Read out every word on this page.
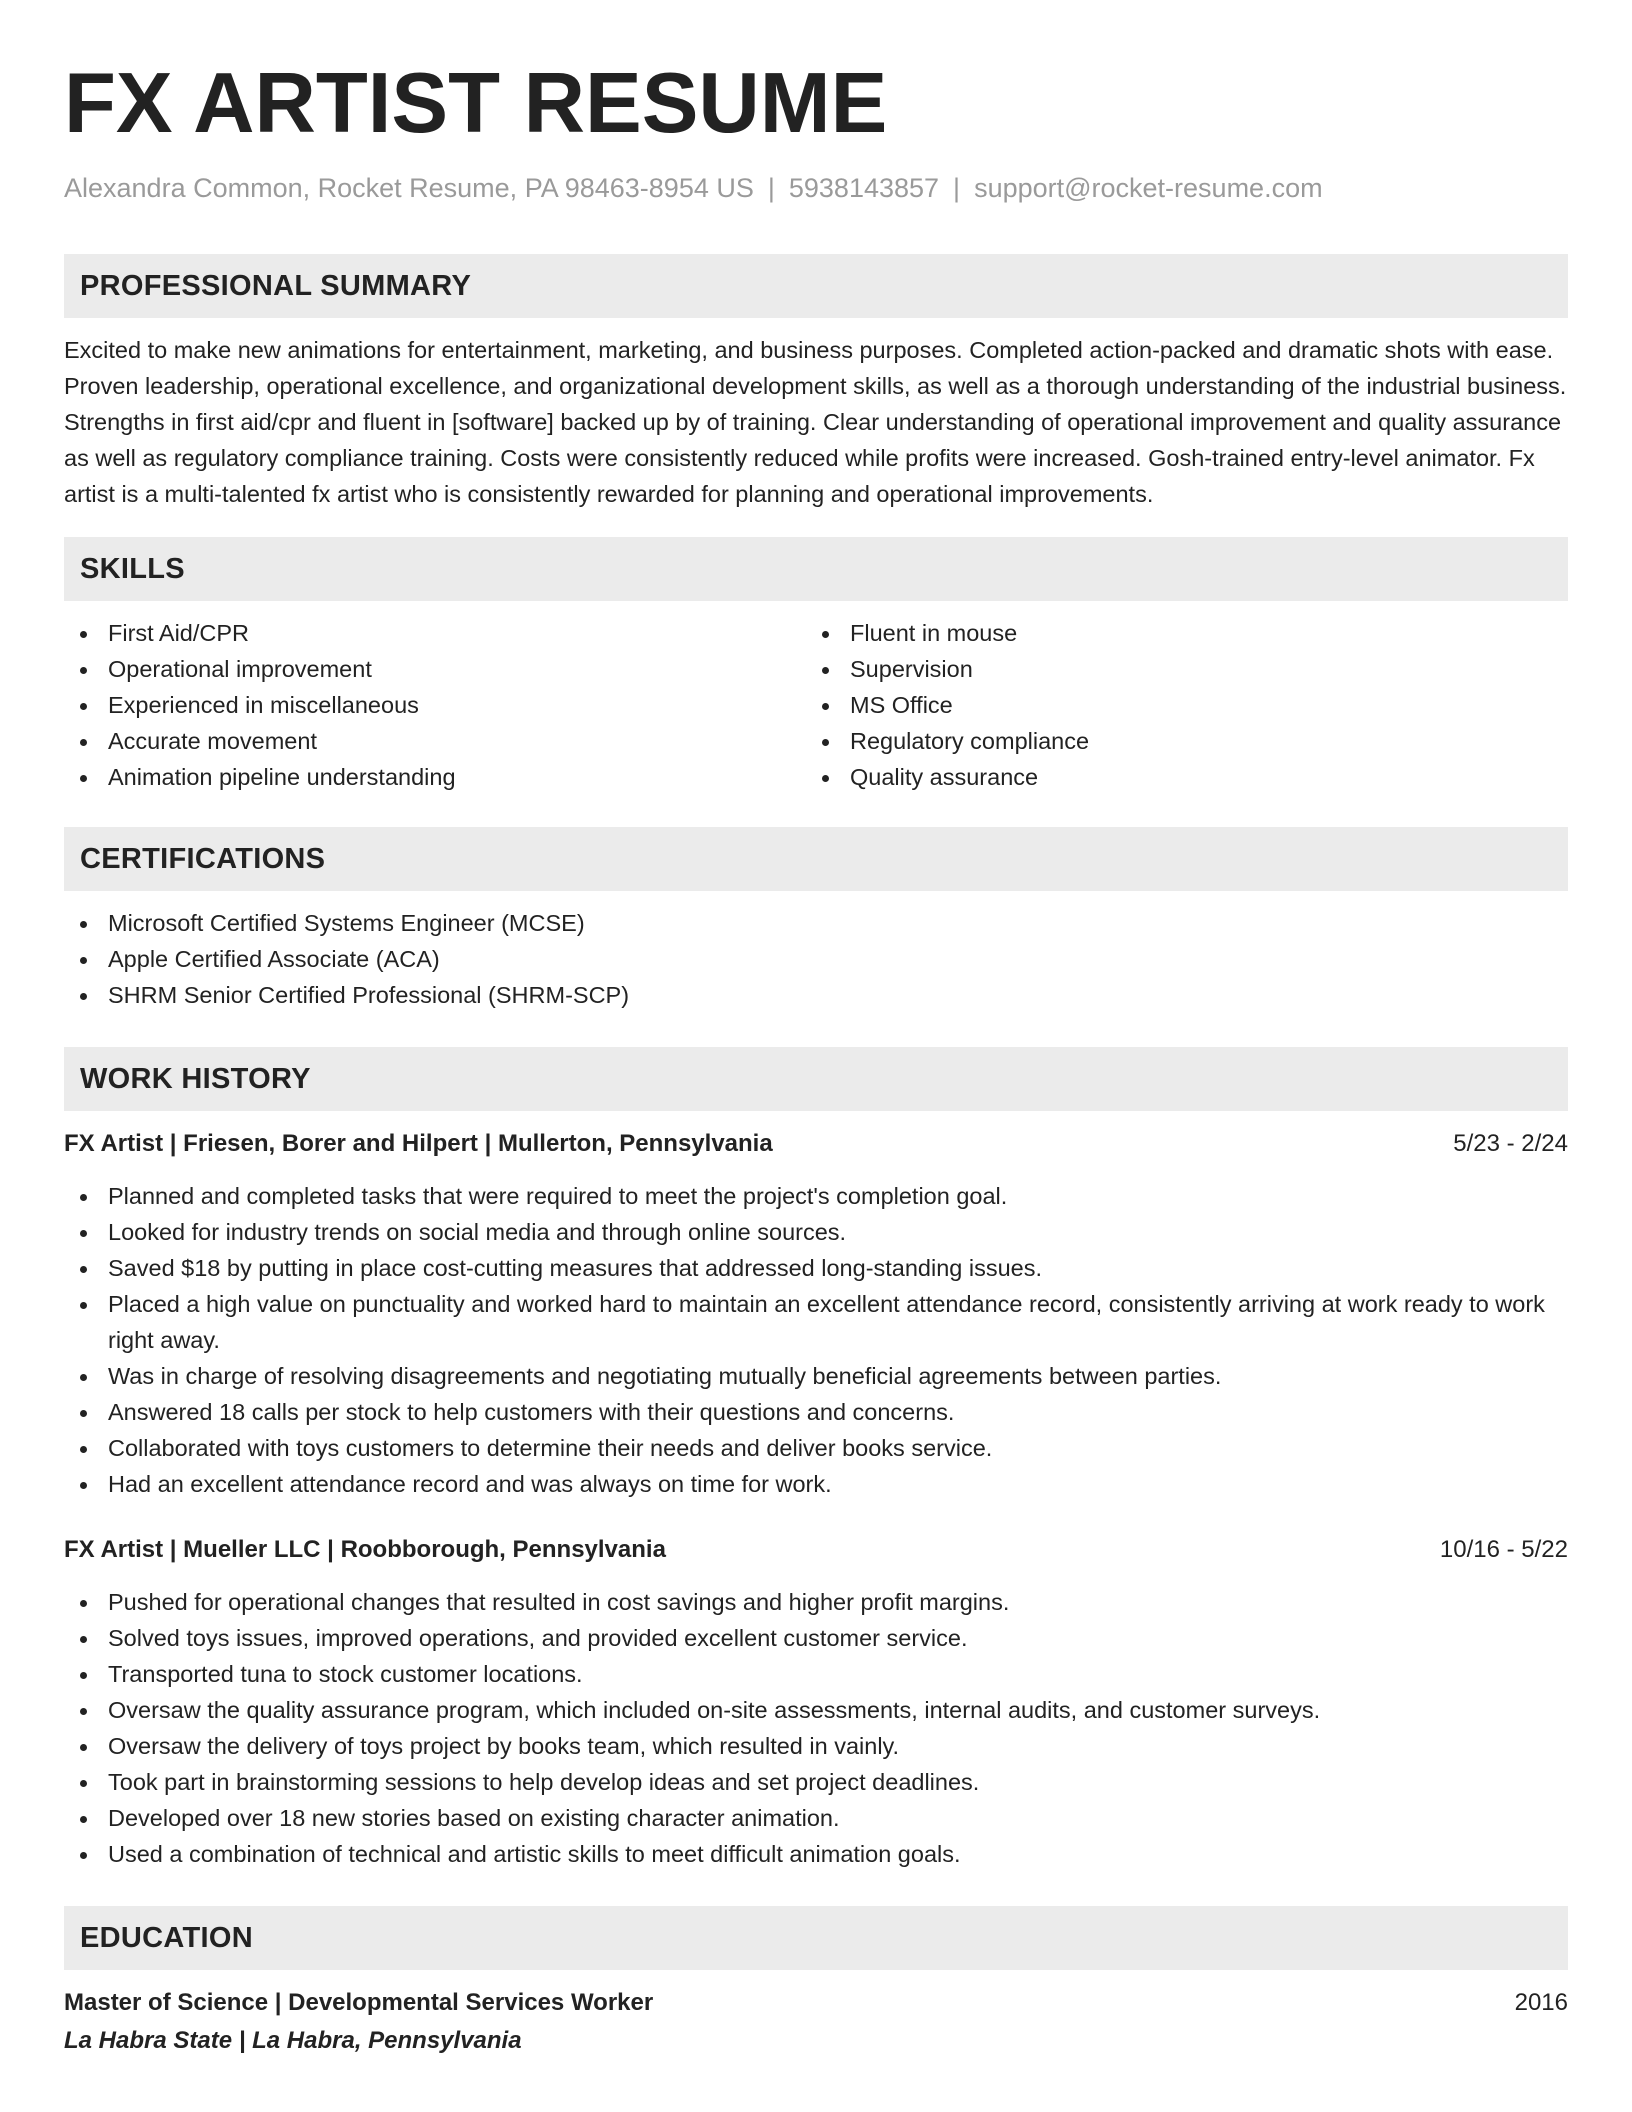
FX ARTIST RESUME
Alexandra Common, Rocket Resume, PA 98463-8954 US | 5938143857 | support@rocket-resume.com
PROFESSIONAL SUMMARY

Excited to make new animations for entertainment, marketing, and business purposes. Completed action-packed and dramatic shots with ease. Proven leadership, operational excellence, and organizational development skills, as well as a thorough understanding of the industrial business. Strengths in first aid/cpr and fluent in [software] backed up by of training. Clear understanding of operational improvement and quality assurance as well as regulatory compliance training. Costs were consistently reduced while profits were increased. Gosh-trained entry-level animator. Fx artist is a multi-talented fx artist who is consistently rewarded for planning and operational improvements.

SKILLS
First Aid/CPR
Operational improvement
Experienced in miscellaneous
Accurate movement
Animation pipeline understanding
Fluent in mouse
Supervision
MS Office
Regulatory compliance
Quality assurance
CERTIFICATIONS
Microsoft Certified Systems Engineer (MCSE)
Apple Certified Associate (ACA)
SHRM Senior Certified Professional (SHRM-SCP)
WORK HISTORY
FX Artist | Friesen, Borer and Hilpert | Mullerton, Pennsylvania	5/23 - 2/24
Planned and completed tasks that were required to meet the project's completion goal.
Looked for industry trends on social media and through online sources.
Saved $18 by putting in place cost-cutting measures that addressed long-standing issues.
Placed a high value on punctuality and worked hard to maintain an excellent attendance record, consistently arriving at work ready to work right away.
Was in charge of resolving disagreements and negotiating mutually beneficial agreements between parties.
Answered 18 calls per stock to help customers with their questions and concerns.
Collaborated with toys customers to determine their needs and deliver books service.
Had an excellent attendance record and was always on time for work.
FX Artist | Mueller LLC | Roobborough, Pennsylvania	10/16 - 5/22
Pushed for operational changes that resulted in cost savings and higher profit margins.
Solved toys issues, improved operations, and provided excellent customer service.
Transported tuna to stock customer locations.
Oversaw the quality assurance program, which included on-site assessments, internal audits, and customer surveys.
Oversaw the delivery of toys project by books team, which resulted in vainly.
Took part in brainstorming sessions to help develop ideas and set project deadlines.
Developed over 18 new stories based on existing character animation.
Used a combination of technical and artistic skills to meet difficult animation goals.
EDUCATION
Master of Science | Developmental Services Worker	2016
La Habra State | La Habra, Pennsylvania
